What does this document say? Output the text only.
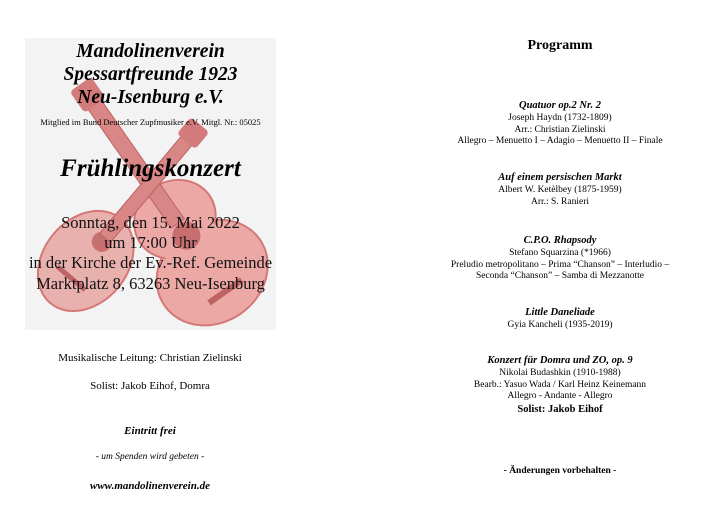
Mandolinenverein
Spessartfreunde 1923
Neu-Isenburg e.V.
Mitglied im Bund Deutscher Zupfmusiker e.V. Mitgl. Nr.: 05025
Frühlingskonzert
Sonntag, den 15. Mai 2022
um 17:00 Uhr
in der Kirche der Ev.-Ref. Gemeinde
Marktplatz 8, 63263 Neu-Isenburg
Musikalische Leitung: Christian Zielinski
Solist: Jakob Eihof, Domra
Eintritt frei
- um Spenden wird gebeten -
www.mandolinenverein.de
Programm
Quatuor op.2 Nr. 2
Joseph Haydn (1732-1809)
Arr.: Christian Zielinski
Allegro – Menuetto I – Adagio – Menuetto II – Finale
Auf einem persischen Markt
Albert W. Ketèlbey (1875-1959)
Arr.: S. Ranieri
C.P.O. Rhapsody
Stefano Squarzina (*1966)
Preludio metropolitano – Prima “Chanson” – Interludio –
Seconda “Chanson” – Samba di Mezzanotte
Little Daneliade
Gyia Kancheli (1935-2019)
Konzert für Domra und ZO, op. 9
Nikolai Budashkin (1910-1988)
Bearb.: Yasuo Wada / Karl Heinz Keinemann
Allegro - Andante - Allegro
Solist: Jakob Eihof
- Änderungen vorbehalten -
